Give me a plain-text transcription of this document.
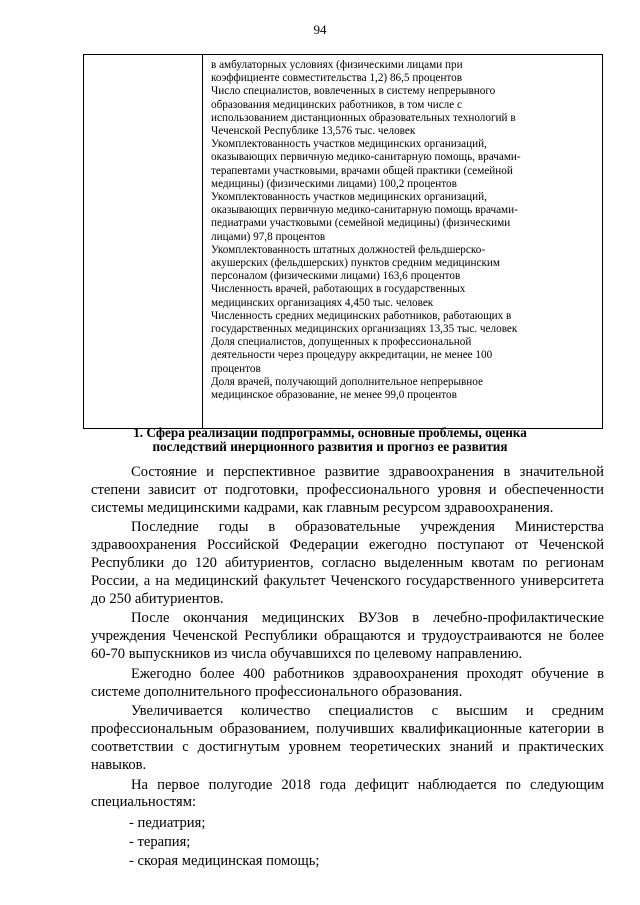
94
в амбулаторных условиях (физическими лицами при
коэффициенте совместительства 1,2) 86,5 процентов
Число специалистов, вовлеченных в систему непрерывного
образования медицинских работников, в том числе с
использованием дистанционных образовательных технологий в
Чеченской Республике 13,576 тыс. человек
Укомплектованность участков медицинских организаций,
оказывающих первичную медико-санитарную помощь, врачами-
терапевтами участковыми, врачами общей практики (семейной
медицины) (физическими лицами) 100,2 процентов
Укомплектованность участков медицинских организаций,
оказывающих первичную медико-санитарную помощь врачами-
педиатрами участковыми (семейной медицины) (физическими
лицами) 97,8 процентов
Укомплектованность штатных должностей фельдшерско-
акушерских (фельдшерских) пунктов средним медицинским
персоналом (физическими лицами) 163,6 процентов
Численность врачей, работающих в государственных
медицинских организациях 4,450 тыс. человек
Численность средних медицинских работников, работающих в
государственных медицинских организациях 13,35 тыс. человек
Доля специалистов, допущенных к профессиональной
деятельности через процедуру аккредитации, не менее 100
процентов
Доля врачей, получающий дополнительное непрерывное
медицинское образование, не менее 99,0 процентов
1. Сфера реализации подпрограммы, основные проблемы, оценка
последствий инерционного развития и прогноз ее развития

Состояние и перспективное развитие здравоохранения в значительной степени зависит от подготовки, профессионального уровня и обеспеченности системы медицинскими кадрами, как главным ресурсом здравоохранения.

Последние годы в образовательные учреждения Министерства здравоохранения Российской Федерации ежегодно поступают от Чеченской Республики до 120 абитуриентов, согласно выделенным квотам по регионам России, а на медицинский факультет Чеченского государственного университета до 250 абитуриентов.

После окончания медицинских ВУЗов в лечебно-профилактические учреждения Чеченской Республики обращаются и трудоустраиваются не более 60-70 выпускников из числа обучавшихся по целевому направлению.

Ежегодно более 400 работников здравоохранения проходят обучение в системе дополнительного профессионального образования.

Увеличивается количество специалистов с высшим и средним профессиональным образованием, получивших квалификационные категории в соответствии с достигнутым уровнем теоретических знаний и практических навыков.

На первое полугодие 2018 года дефицит наблюдается по следующим специальностям:

- педиатрия;
- терапия;
- скорая медицинская помощь;
